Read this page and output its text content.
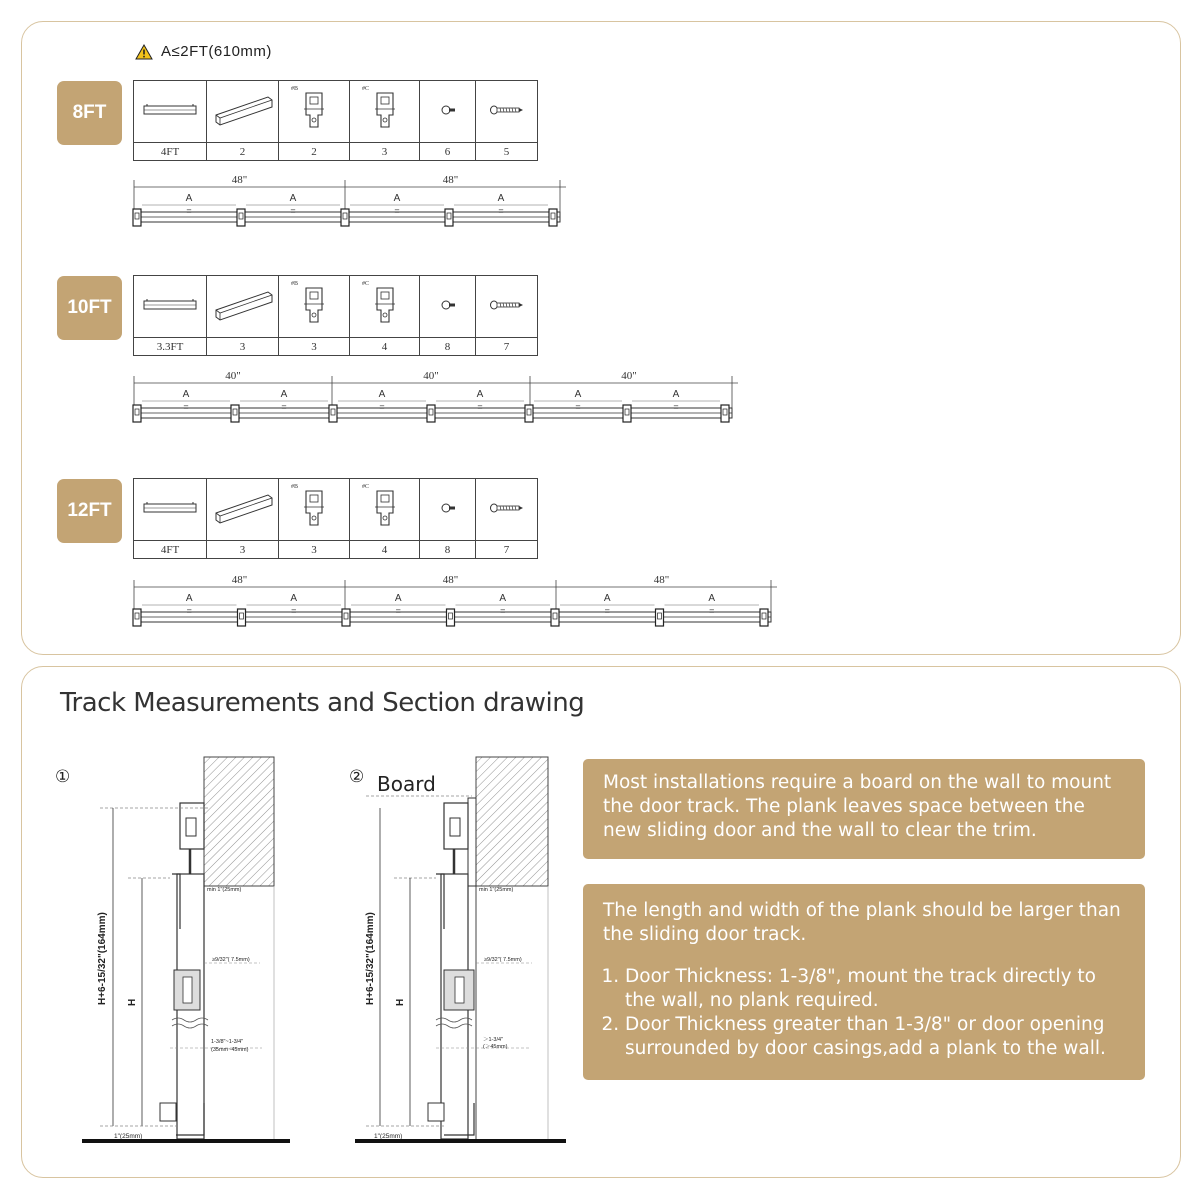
A≤2FT(610mm)
8FT
10FT
12FT

#B	#C

4FT	2	2	3	6	5

#B	#C

3.3FT	3	3	4	8	7

#B	#C

4FT	3	3	4	8	7
48"	48"
A
=
A
=
A
=
A
=
40"	40"	40"
A
=
A
=
A
=
A
=
A
=
A
=
48"	48"	48"
A
=
A
=
A
=
A
=
A
=
A
=
Track Measurements and Section drawing
①
H+6-15/32"(164mm) H
min 1"(25mm)
≥9/32"( 7.5mm)
1-3/8"~1-3/4"
(35mm~45mm)
1"(25mm)
② Board
H+6-15/32"(164mm) H
min 1"(25mm)
≥9/32"( 7.5mm)
＞1-3/4"
(＞45mm)
1"(25mm)

Most installations require a board on the wall to mount the door track. The plank leaves space between the new sliding door and the wall to clear the trim.

The length and width of the plank should be larger than the sliding door track.

1. Door Thickness: 1-3/8", mount the track directly to the wall, no plank required.
2. Door Thickness greater than 1-3/8" or door opening surrounded by door casings,add a plank to the wall.
